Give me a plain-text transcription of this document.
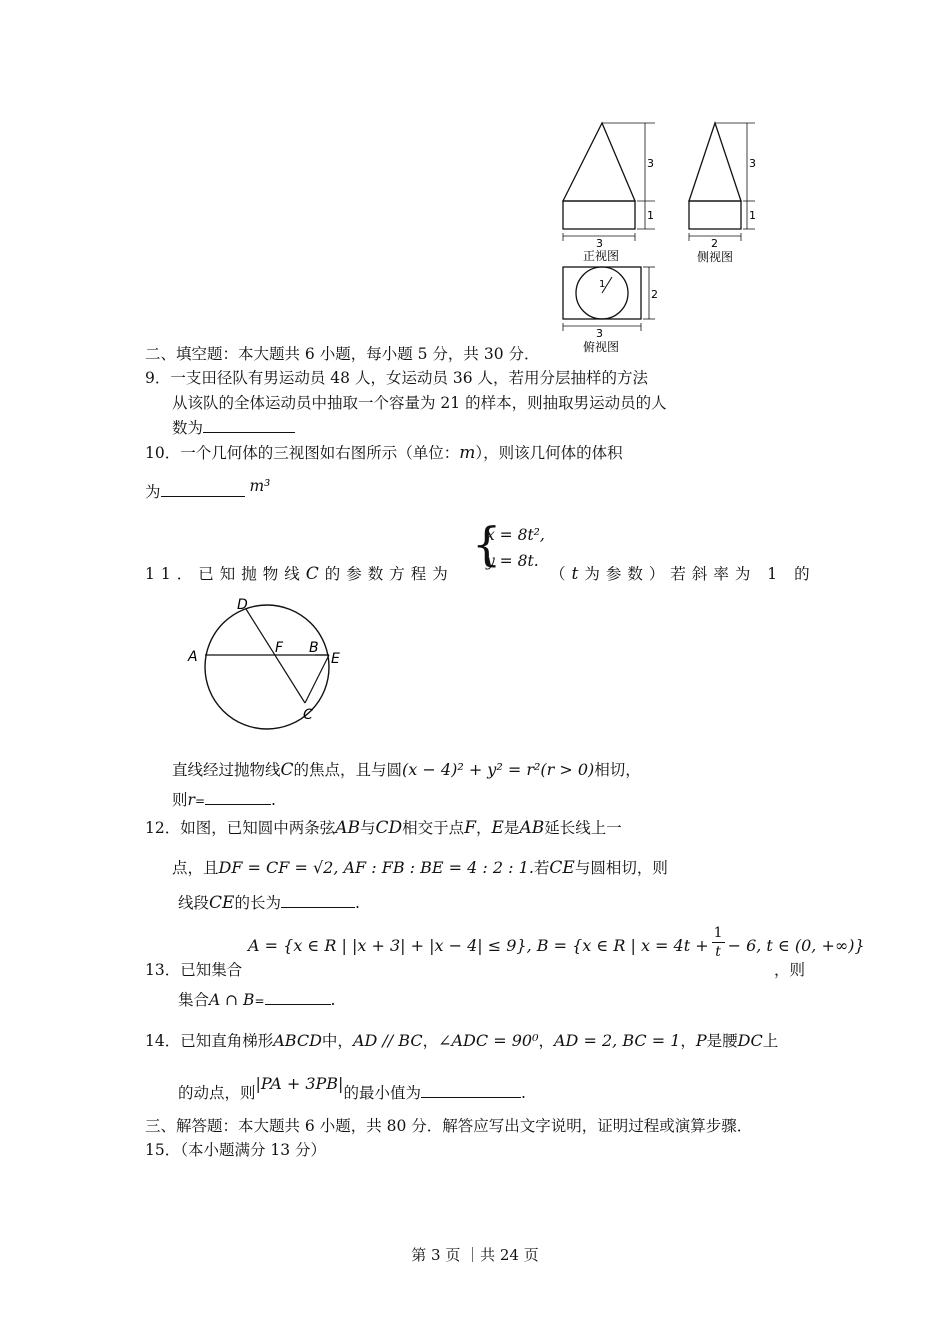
3
1
3
正视图
3
1
2
侧视图
1
2
3
俯视图
二、填空题：本大题共 6 小题，每小题 5 分，共 30 分．
9．一支田径队有男运动员 48 人，女运动员 36 人，若用分层抽样的方法
从该队的全体运动员中抽取一个容量为 21 的样本，则抽取男运动员的人
数为
10．一个几何体的三视图如右图所示（单位：m），则该几何体的体积
为	m³
{
x = 8t²,
y = 8t.
11．已知抛物线C的参数方程为	（t为参数）若斜率为 1 的
D
A
F B
E
C
直线经过抛物线C的焦点，且与圆(x − 4)² + y² = r²(r > 0)相切，
则r=	.
12．如图，已知圆中两条弦AB与CD相交于点F，E是AB延长线上一
点，且DF = CF = √2, AF : FB : BE = 4 : 2 : 1.若CE与圆相切，则
线段CE的长为	.
A = {x ∈ R | |x + 3| + |x − 4| ≤ 9}, B = {x ∈ R | $x = 4t + \frac{1}{t} - 6$, t ∈ (0, +∞)}
13．已知集合	，则
集合A ∩ B=	.
14．已知直角梯形ABCD中，AD // BC，∠ADC = 90⁰，AD = 2, BC = 1，P是腰DC上
的动点，则|PA + 3PB|的最小值为	.
三、解答题：本大题共 6 小题，共 80 分．解答应写出文字说明，证明过程或演算步骤．
15．（本小题满分 13 分）
第 3 页 ｜共 24 页
